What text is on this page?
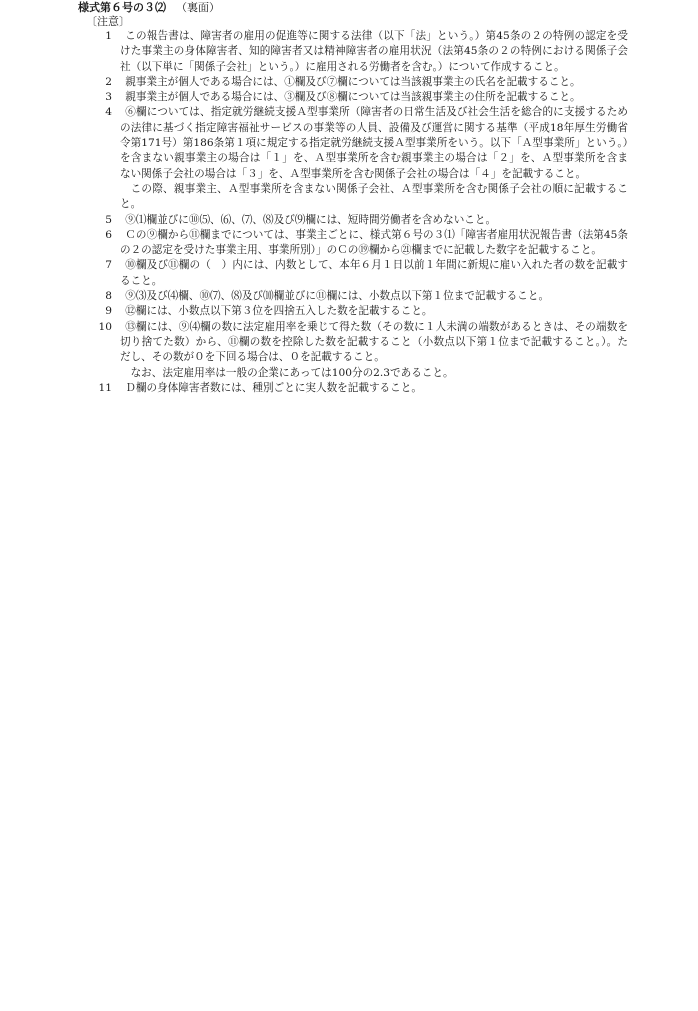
様式第６号の３⑵ （裏面）
〔注意〕
1	この報告書は、障害者の雇用の促進等に関する法律（以下「法」という。）第45条の２の特例の認定を受けた事業主の身体障害者、知的障害者又は精神障害者の雇用状況（法第45条の２の特例における関係子会社（以下単に「関係子会社」という。）に雇用される労働者を含む。）について作成すること。
2	親事業主が個人である場合には、①欄及び⑦欄については当該親事業主の氏名を記載すること。
3	親事業主が個人である場合には、③欄及び⑧欄については当該親事業主の住所を記載すること。
4	⑥欄については、指定就労継続支援Ａ型事業所（障害者の日常生活及び社会生活を総合的に支援するための法律に基づく指定障害福祉サービスの事業等の人員、設備及び運営に関する基準（平成18年厚生労働省令第171号）第186条第１項に規定する指定就労継続支援Ａ型事業所をいう。以下「Ａ型事業所」という。）を含まない親事業主の場合は「１」を、Ａ型事業所を含む親事業主の場合は「２」を、Ａ型事業所を含まない関係子会社の場合は「３」を、Ａ型事業所を含む関係子会社の場合は「４」を記載すること。
この際、親事業主、Ａ型事業所を含まない関係子会社、Ａ型事業所を含む関係子会社の順に記載すること。
5	⑨⑴欄並びに⑩⑸、⑹、⑺、⑻及び⑼欄には、短時間労働者を含めないこと。
6	Ｃの⑨欄から⑪欄までについては、事業主ごとに、様式第６号の３⑴「障害者雇用状況報告書（法第45条の２の認定を受けた事業主用、事業所別）」のＣの⑲欄から㉑欄までに記載した数字を記載すること。
7	⑩欄及び⑪欄の（　）内には、内数として、本年６月１日以前１年間に新規に雇い入れた者の数を記載すること。
8	⑨⑶及び⑷欄、⑩⑺、⑻及び⑽欄並びに⑪欄には、小数点以下第１位まで記載すること。
9	⑫欄には、小数点以下第３位を四捨五入した数を記載すること。
10	⑬欄には、⑨⑷欄の数に法定雇用率を乗じて得た数（その数に１人未満の端数があるときは、その端数を切り捨てた数）から、⑪欄の数を控除した数を記載すること（小数点以下第１位まで記載すること。）。ただし、その数が０を下回る場合は、０を記載すること。
なお、法定雇用率は一般の企業にあっては100分の2.3であること。
11	Ｄ欄の身体障害者数には、種別ごとに実人数を記載すること。
